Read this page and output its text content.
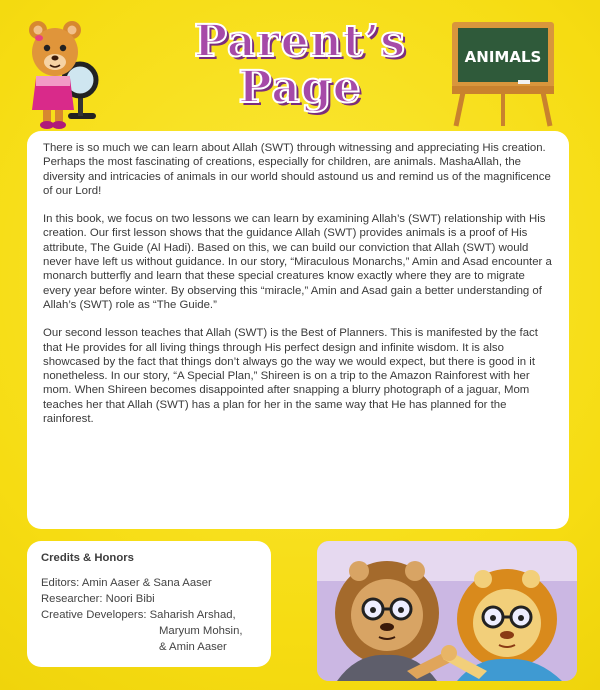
Parent’s
Page
ANIMALS

There is so much we can learn about Allah (SWT) through witnessing and appreciating His creation. Perhaps the most fascinating of creations, especially for children, are animals. MashaAllah, the diversity and intricacies of animals in our world should astound us and remind us of the magnificence of our Lord!

In this book, we focus on two lessons we can learn by examining Allah’s (SWT) relationship with His creation. Our first lesson shows that the guidance Allah (SWT) provides animals is a proof of His attribute, The Guide (Al Hadi). Based on this, we can build our conviction that Allah (SWT) would never have left us without guidance. In our story, “Miraculous Monarchs,” Amin and Asad encounter a monarch butterfly and learn that these special creatures know exactly where they are to migrate every year before winter. By observing this “miracle,” Amin and Asad gain a better understanding of Allah’s (SWT) role as “The Guide.”

Our second lesson teaches that Allah (SWT) is the Best of Planners. This is manifested by the fact that He provides for all living things through His perfect design and infinite wisdom. It is also showcased by the fact that things don’t always go the way we would expect, but there is good in it nonetheless. In our story, “A Special Plan,” Shireen is on a trip to the Amazon Rainforest with her mom. When Shireen becomes disappointed after snapping a blurry photograph of a jaguar, Mom teaches her that Allah (SWT) has a plan for her in the same way that He has planned for the rainforest.

Credits & Honors
Editors: Amin Aaser & Sana Aaser
Researcher: Noori Bibi
Creative Developers: Saharish Arshad,
Maryum Mohsin,
& Amin Aaser
